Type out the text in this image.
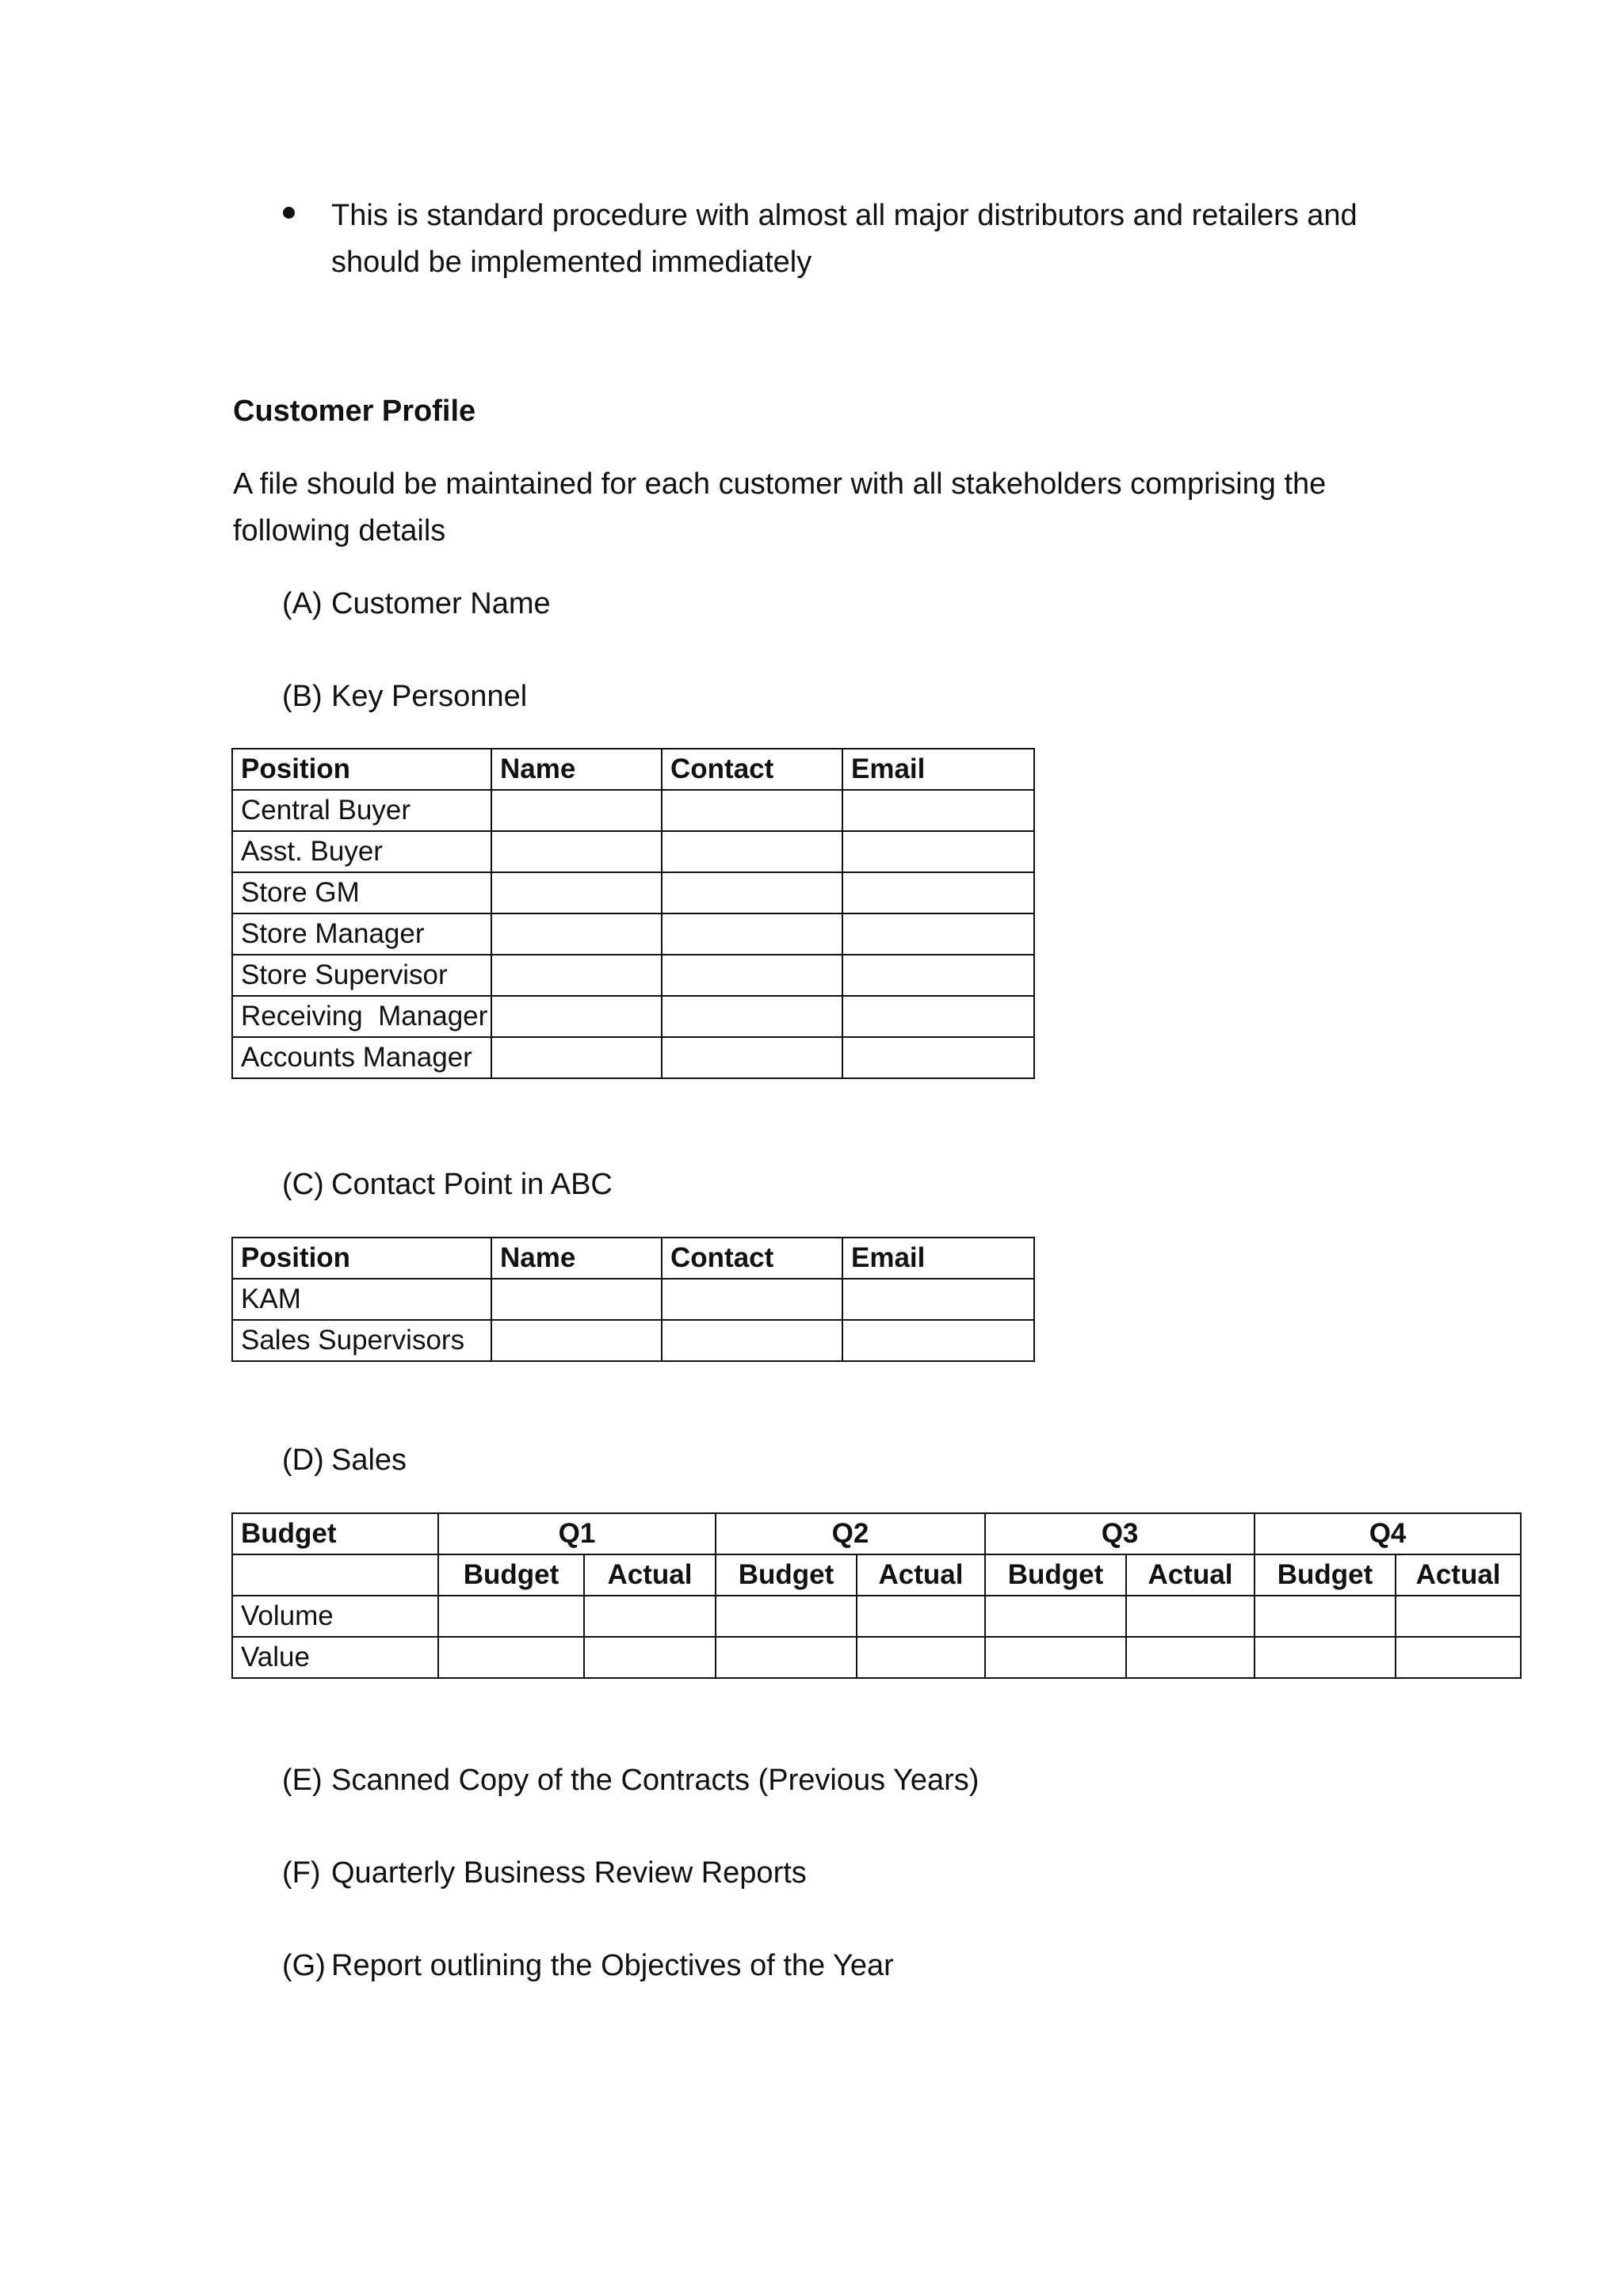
This is standard procedure with almost all major distributors and retailers and
should be implemented immediately
Customer Profile
A file should be maintained for each customer with all stakeholders comprising the
following details
(A) Customer Name
(B) Key Personnel
Position	Name	Contact	Email
Central Buyer			
Asst. Buyer			
Store GM			
Store Manager			
Store Supervisor			
Receiving  Manager			
Accounts Manager			
(C) Contact Point in ABC
Position	Name	Contact	Email
KAM			
Sales Supervisors			
(D) Sales
Budget	Q1		Q2		Q3		Q4	
	Budget	Actual	Budget	Actual	Budget	Actual	Budget	Actual
Volume								
Value								
(E) Scanned Copy of the Contracts (Previous Years)
(F) Quarterly Business Review Reports
(G) Report outlining the Objectives of the Year
